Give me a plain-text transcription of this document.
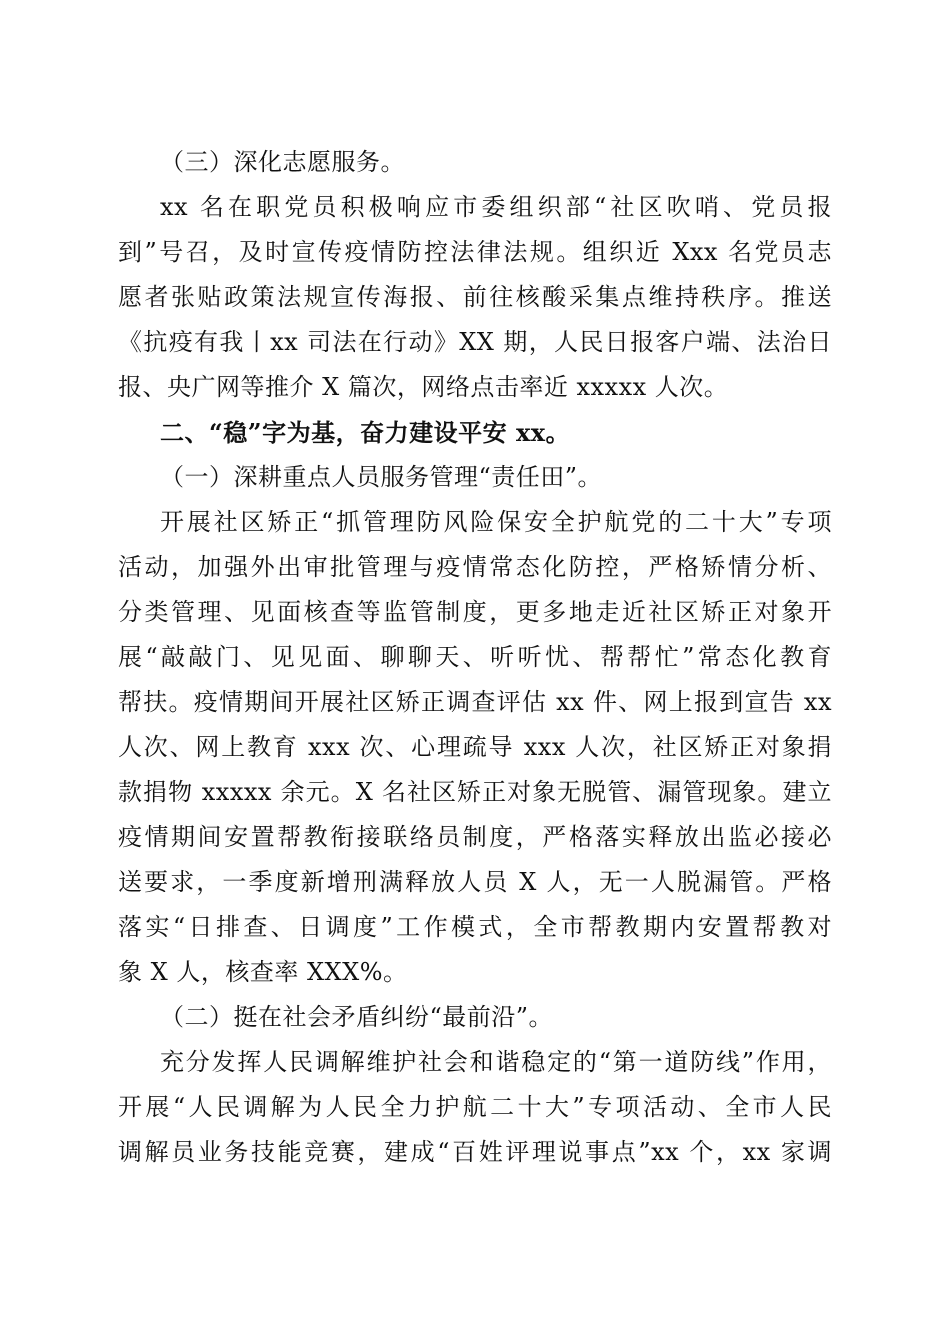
（三）深化志愿服务。
xx 名在职党员积极响应市委组织部“社区吹哨、党员报
到”号召，及时宣传疫情防控法律法规。组织近 Xxx 名党员志
愿者张贴政策法规宣传海报、前往核酸采集点维持秩序。推送
《抗疫有我丨xx 司法在行动》XX 期，人民日报客户端、法治日
报、央广网等推介 X 篇次，网络点击率近 xxxxx 人次。
二、“稳”字为基，奋力建设平安 xx。
（一）深耕重点人员服务管理“责任田”。
开展社区矫正“抓管理防风险保安全护航党的二十大”专项
活动，加强外出审批管理与疫情常态化防控，严格矫情分析、
分类管理、见面核查等监管制度，更多地走近社区矫正对象开
展“敲敲门、见见面、聊聊天、听听忧、帮帮忙”常态化教育
帮扶。疫情期间开展社区矫正调查评估 xx 件、网上报到宣告 xx
人次、网上教育 xxx 次、心理疏导 xxx 人次，社区矫正对象捐
款捐物 xxxxx 余元。X 名社区矫正对象无脱管、漏管现象。建立
疫情期间安置帮教衔接联络员制度，严格落实释放出监必接必
送要求，一季度新增刑满释放人员 X 人，无一人脱漏管。严格
落实“日排查、日调度”工作模式，全市帮教期内安置帮教对
象 X 人，核查率 XXX%。
（二）挺在社会矛盾纠纷“最前沿”。
充分发挥人民调解维护社会和谐稳定的“第一道防线”作用，
开展“人民调解为人民全力护航二十大”专项活动、全市人民
调解员业务技能竞赛，建成“百姓评理说事点”xx 个，xx 家调
